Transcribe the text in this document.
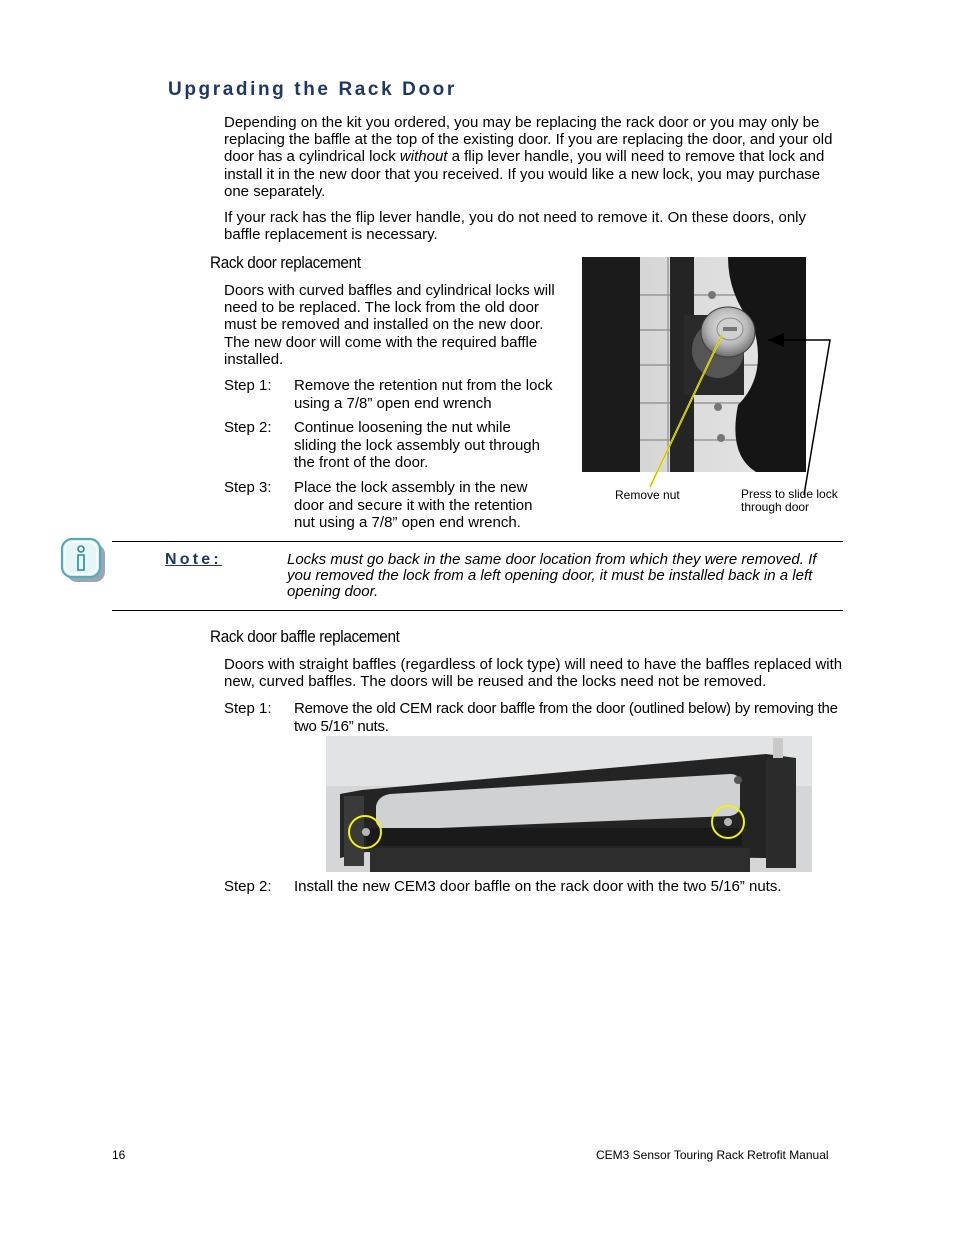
Upgrading the Rack Door

Depending on the kit you ordered, you may be replacing the rack door or you may only be replacing the baffle at the top of the existing door. If you are replacing the door, and your old door has a cylindrical lock without a flip lever handle, you will need to remove that lock and install it in the new door that you received. If you would like a new lock, you may purchase one separately.

If your rack has the flip lever handle, you do not need to remove it. On these doors, only baffle replacement is necessary.

Rack door replacement

Doors with curved baffles and cylindrical locks will need to be replaced. The lock from the old door must be removed and installed on the new door. The new door will come with the required baffle installed.

Step 1: Remove the retention nut from the lock using a 7/8” open end wrench
Step 2: Continue loosening the nut while sliding the lock assembly out through the front of the door.
Step 3: Place the lock assembly in the new door and secure it with the retention nut using a 7/8” open end wrench.
Remove nut	Press to slide lock through door
Note:	Locks must go back in the same door location from which they were removed. If you removed the lock from a left opening door, it must be installed back in a left opening door.
Rack door baffle replacement

Doors with straight baffles (regardless of lock type) will need to have the baffles replaced with new, curved baffles. The doors will be reused and the locks need not be removed.

Step 1: Remove the old CEM rack door baffle from the door (outlined below) by removing the two 5/16” nuts.
Step 2: Install the new CEM3 door baffle on the rack door with the two 5/16” nuts.
16	CEM3 Sensor Touring Rack Retrofit Manual
